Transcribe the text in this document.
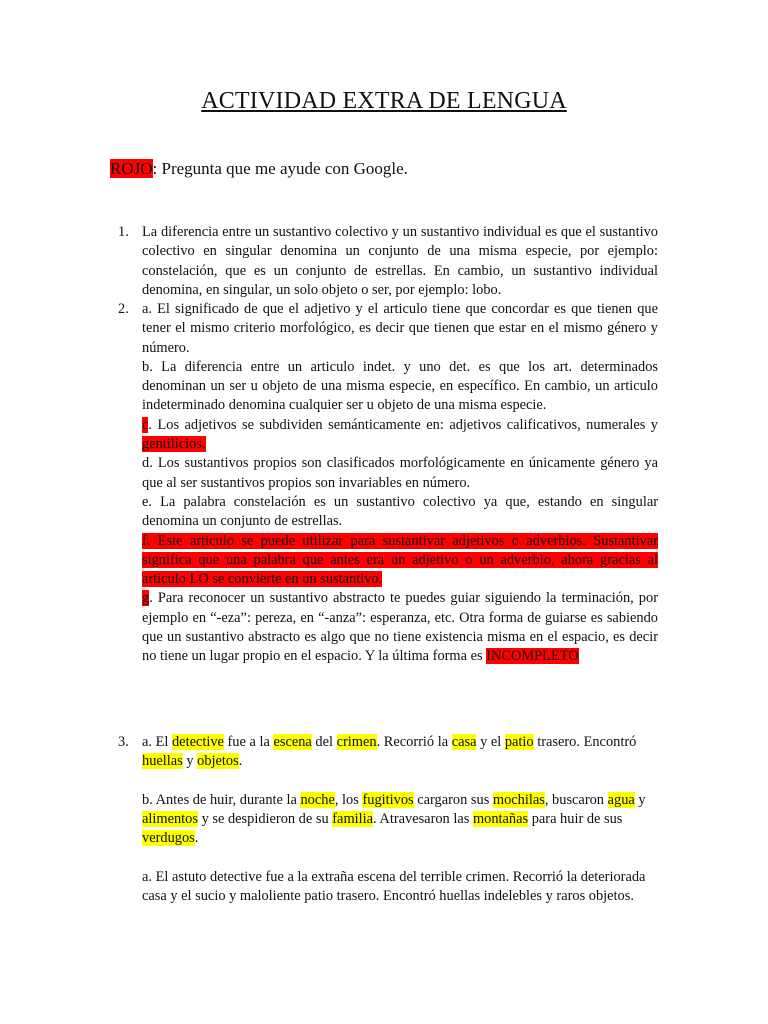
ACTIVIDAD EXTRA DE LENGUA
ROJO: Pregunta que me ayude con Google.
1. La diferencia entre un sustantivo colectivo y un sustantivo individual es que el sustantivo colectivo en singular denomina un conjunto de una misma especie, por ejemplo: constelación, que es un conjunto de estrellas. En cambio, un sustantivo individual denomina, en singular, un solo objeto o ser, por ejemplo: lobo.

2. a. El significado de que el adjetivo y el articulo tiene que concordar es que tienen que tener el mismo criterio morfológico, es decir que tienen que estar en el mismo género y número.

b. La diferencia entre un articulo indet. y uno det. es que los art. determinados denominan un ser u objeto de una misma especie, en específico. En cambio, un articulo indeterminado denomina cualquier ser u objeto de una misma especie.

c. Los adjetivos se subdividen semánticamente en: adjetivos calificativos, numerales y gentilicios.

d. Los sustantivos propios son clasificados morfológicamente en únicamente género ya que al ser sustantivos propios son invariables en número.

e. La palabra constelación es un sustantivo colectivo ya que, estando en singular denomina un conjunto de estrellas.

f. Este articulo se puede utilizar para sustantivar adjetivos o adverbios. Sustantivar significa que una palabra que antes era un adjetivo o un adverbio, ahora gracias al articulo LO se convierte en un sustantivo.

g. Para reconocer un sustantivo abstracto te puedes guiar siguiendo la terminación, por ejemplo en “-eza”: pereza, en “-anza”: esperanza, etc. Otra forma de guiarse es sabiendo que un sustantivo abstracto es algo que no tiene existencia misma en el espacio, es decir no tiene un lugar propio en el espacio. Y la última forma es INCOMPLETO

3. a. El detective fue a la escena del crimen. Recorrió la casa y el patio trasero. Encontró huellas y objetos.

b. Antes de huir, durante la noche, los fugitivos cargaron sus mochilas, buscaron agua y alimentos y se despidieron de su familia. Atravesaron las montañas para huir de sus verdugos.

a. El astuto detective fue a la extraña escena del terrible crimen. Recorrió la deteriorada casa y el sucio y maloliente patio trasero. Encontró huellas indelebles y raros objetos.
